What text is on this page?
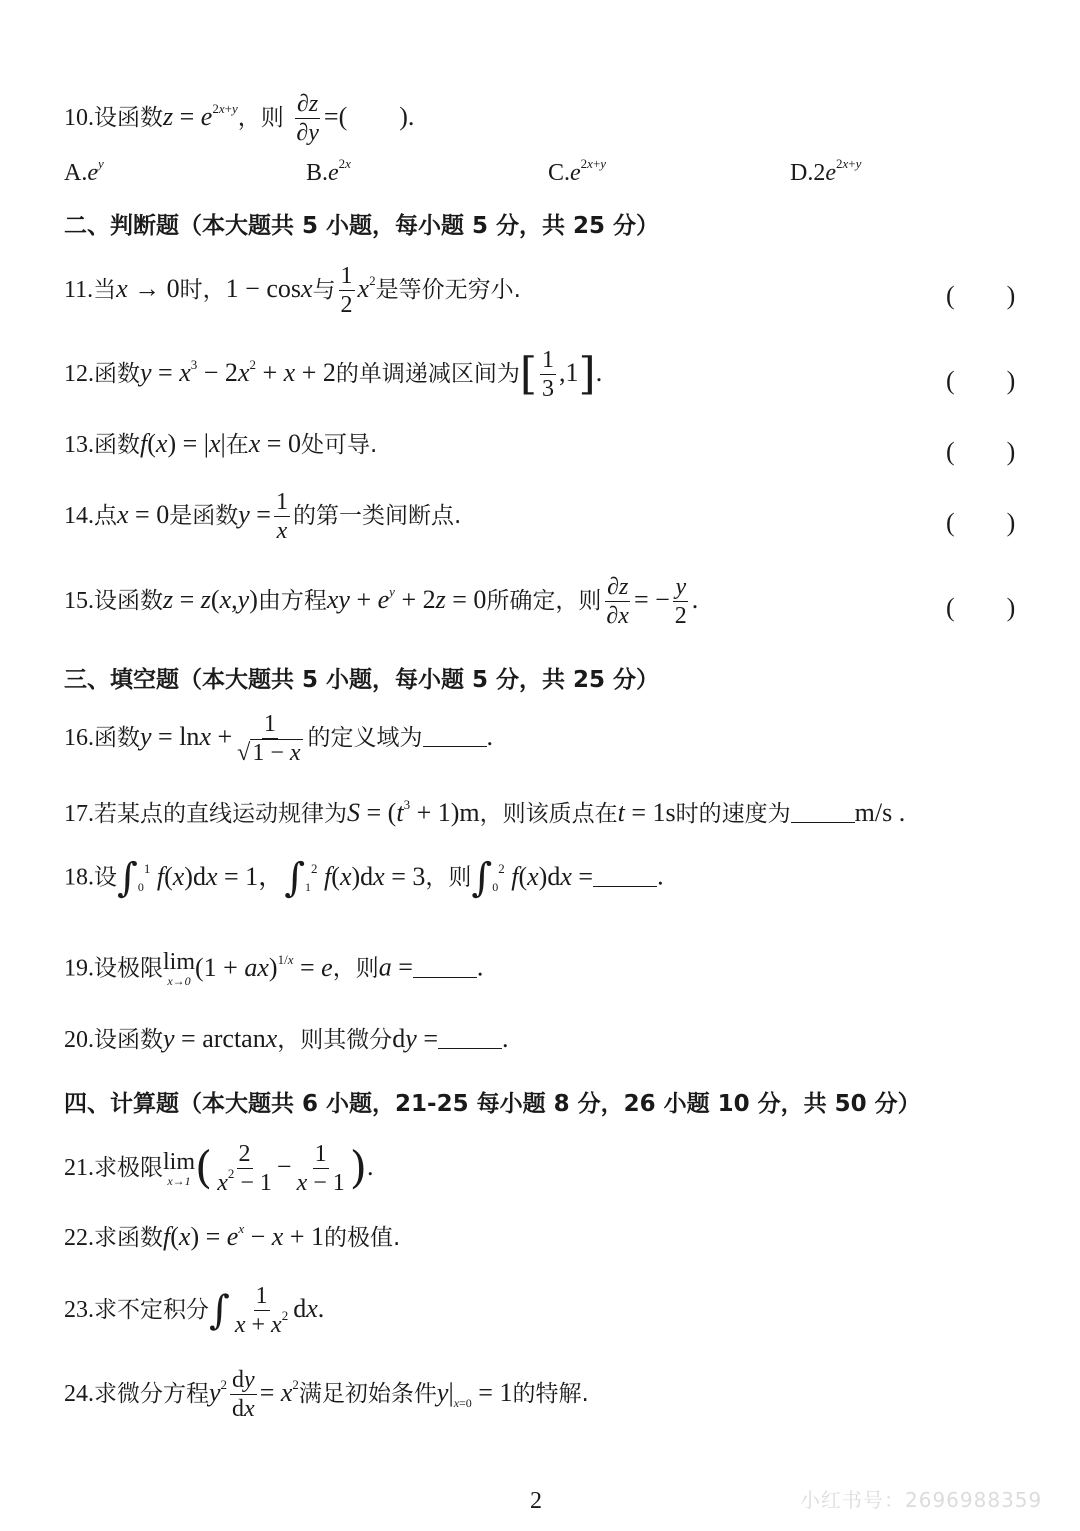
10.设函数$z = e^{2x+y}$，则 $\frac{\partial z}{\partial y}$ =(　　).
$A.e^y$	$B.e^{2x}$	$C.e^{2x+y}$	$D.2e^{2x+y}$
二、判断题（本大题共 5 小题，每小题 5 分，共 25 分）
11.当x → 0时，1 − cosx与 $\frac{1}{2} x^2$是等价无穷小.	(　　)
12.函数$y = x^3 - 2x^2 + x + 2$的单调递减区间为[ $\frac{1}{3} ,1$].	(　　)
13.函数f(x) = |x|在x = 0处可导.	(　　)
14.点x = 0是函数$y = \frac{1}{x}$ 的第一类间断点.	(　　)
15.设函数z = z(x,y)由方程xy + $e^y + 2z = 0$所确定，则 $\frac{\partial z}{\partial x}$ = − $\frac{y}{2}$ .	(　　)
三、填空题（本大题共 5 小题，每小题 5 分，共 25 分）
16.函数$y = \ln x + \frac{1}{√1 - x}$ 的定义域为 .
17.若某点的直线运动规律为$S = (t^3 + 1)m$，则该质点在t = 1s时的速度为 m/s .
18.设$\int_0^1$ f(x)dx = 1，$\int_1^2$ f(x)dx = 3，则$\int_0^2$ f(x)dx = .
19.设极限 lim
x→0 (1 + ax)$^{1/x}$ = e，则a = .
20.设函数y = arctanx，则其微分dy = .
四、计算题（本大题共 6 小题，21-25 每小题 8 分，26 小题 10 分，共 50 分）
21.求极限 lim
x→1 ( $\frac{2}{x^2 - 1} - \frac{1}{x - 1}$ ).
22.求函数$f(x) = e^x - x + 1$的极值.
23.求不定积分∫ $\frac{1}{x + x^2}$ dx.
24.求微分方程$y^2 \frac{dy}{dx} = x^2$满足初始条件$y|_{x=0} = 1$的特解.
2	小红书号：2696988359
